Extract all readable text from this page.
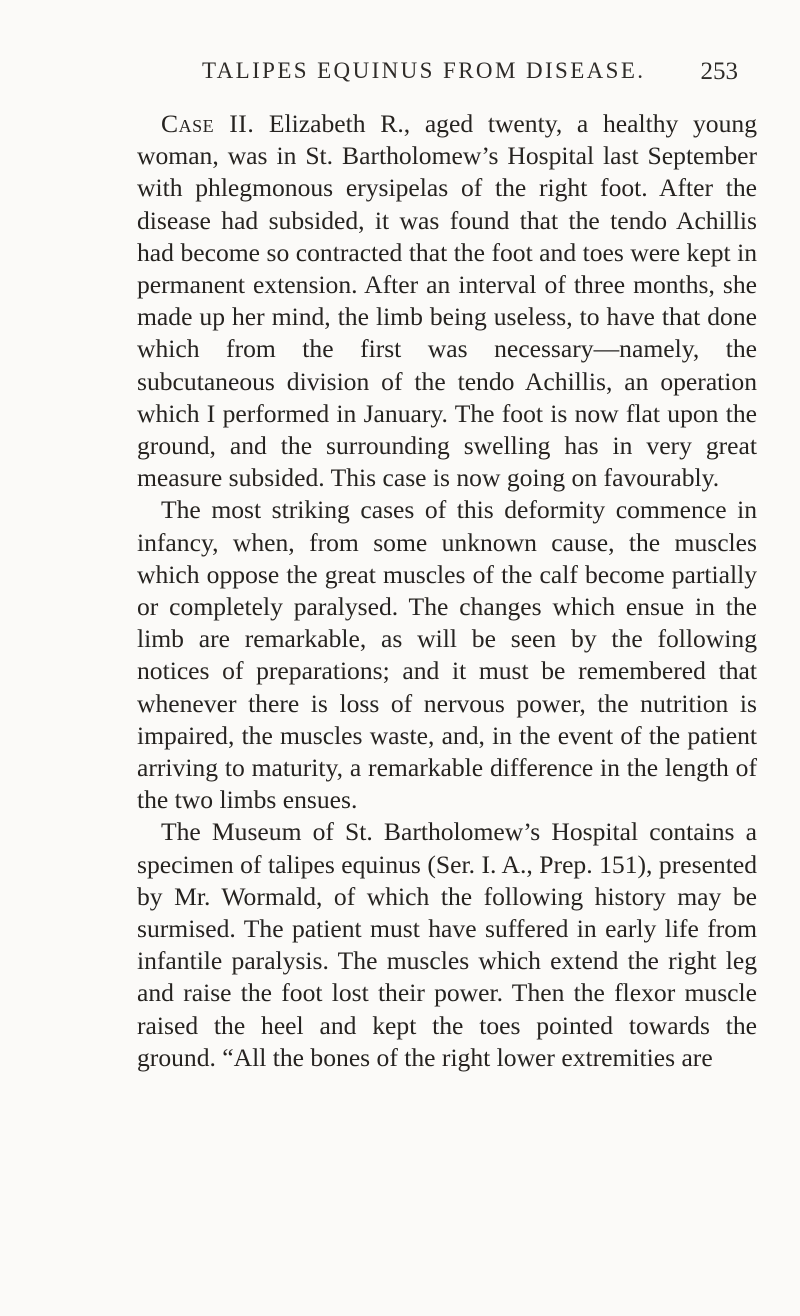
TALIPES EQUINUS FROM DISEASE. 253

Case II. Elizabeth R., aged twenty, a healthy young woman, was in St. Bartholomew’s Hospital last September with phlegmonous erysipelas of the right foot. After the disease had subsided, it was found that the tendo Achillis had become so contracted that the foot and toes were kept in permanent extension. After an interval of three months, she made up her mind, the limb being useless, to have that done which from the first was necessary—namely, the subcutaneous division of the tendo Achillis, an operation which I performed in January. The foot is now flat upon the ground, and the surrounding swelling has in very great measure subsided. This case is now going on favourably.

The most striking cases of this deformity commence in infancy, when, from some unknown cause, the muscles which oppose the great muscles of the calf become partially or completely paralysed. The changes which ensue in the limb are remarkable, as will be seen by the following notices of preparations; and it must be remembered that whenever there is loss of nervous power, the nutrition is impaired, the muscles waste, and, in the event of the patient arriving to maturity, a remarkable difference in the length of the two limbs ensues.

The Museum of St. Bartholomew’s Hospital contains a specimen of talipes equinus (Ser. I. A., Prep. 151), presented by Mr. Wormald, of which the following history may be surmised. The patient must have suffered in early life from infantile paralysis. The muscles which extend the right leg and raise the foot lost their power. Then the flexor muscle raised the heel and kept the toes pointed towards the ground. “All the bones of the right lower extremities are
